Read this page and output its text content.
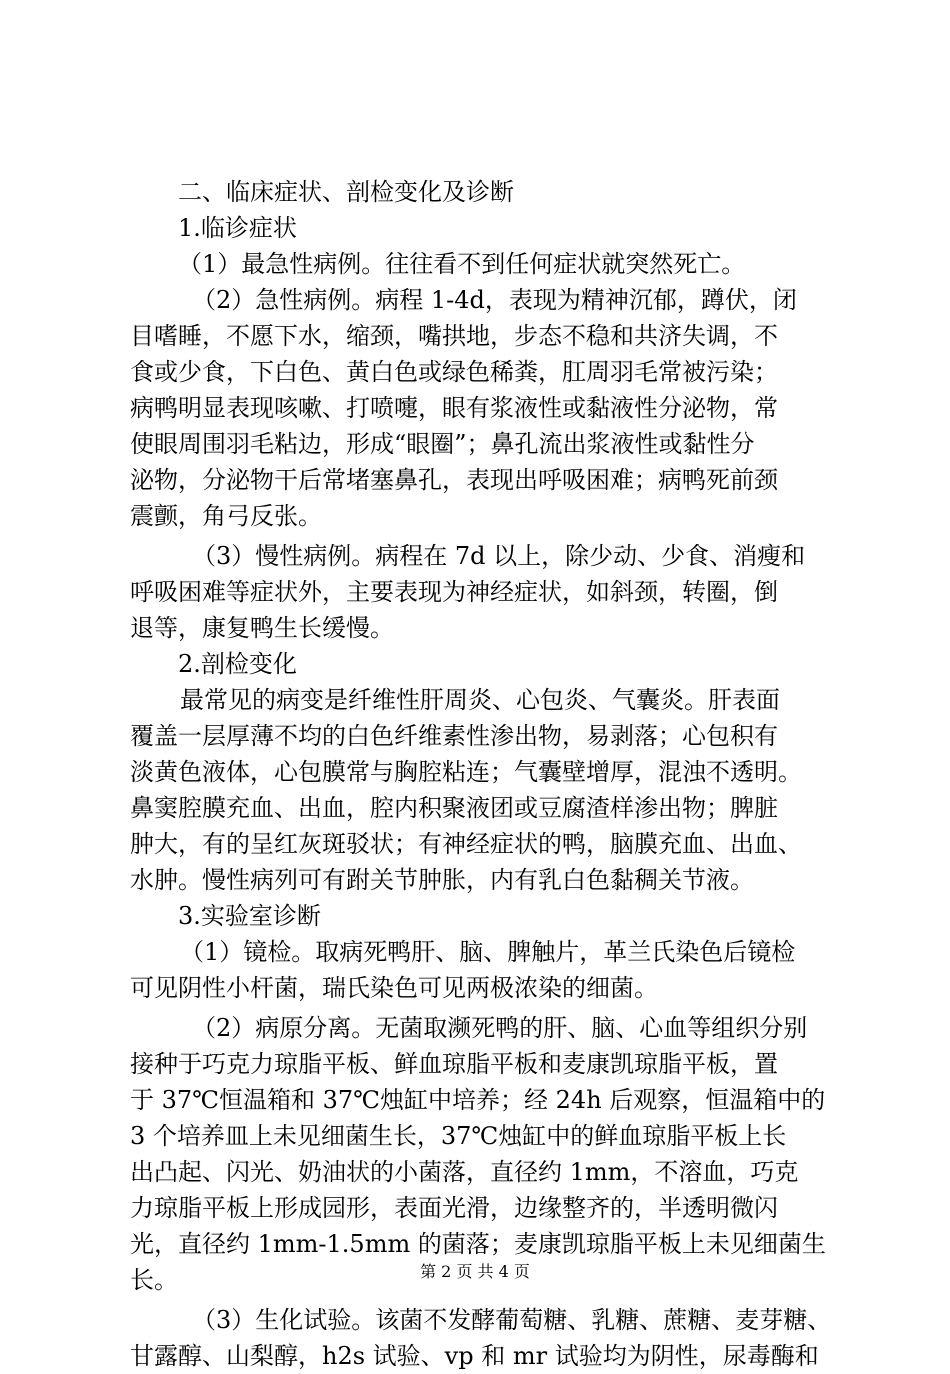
二、临床症状、剖检变化及诊断
1.临诊症状
（1）最急性病例。往往看不到任何症状就突然死亡。
（2）急性病例。病程 1-4d，表现为精神沉郁，蹲伏，闭
目嗜睡，不愿下水，缩颈，嘴拱地，步态不稳和共济失调，不
食或少食，下白色、黄白色或绿色稀粪，肛周羽毛常被污染；
病鸭明显表现咳嗽、打喷嚏，眼有浆液性或黏液性分泌物，常
使眼周围羽毛粘边，形成“眼圈”；鼻孔流出浆液性或黏性分
泌物，分泌物干后常堵塞鼻孔，表现出呼吸困难；病鸭死前颈
震颤，角弓反张。
（3）慢性病例。病程在 7d 以上，除少动、少食、消瘦和
呼吸困难等症状外，主要表现为神经症状，如斜颈，转圈，倒
退等，康复鸭生长缓慢。
2.剖检变化
最常见的病变是纤维性肝周炎、心包炎、气囊炎。肝表面
覆盖一层厚薄不均的白色纤维素性渗出物，易剥落；心包积有
淡黄色液体，心包膜常与胸腔粘连；气囊壁增厚，混浊不透明。
鼻窦腔膜充血、出血，腔内积聚液团或豆腐渣样渗出物；脾脏
肿大，有的呈红灰斑驳状；有神经症状的鸭，脑膜充血、出血、
水肿。慢性病列可有跗关节肿胀，内有乳白色黏稠关节液。
3.实验室诊断
（1）镜检。取病死鸭肝、脑、脾触片，革兰氏染色后镜检
可见阴性小杆菌，瑞氏染色可见两极浓染的细菌。
（2）病原分离。无菌取濒死鸭的肝、脑、心血等组织分别
接种于巧克力琼脂平板、鲜血琼脂平板和麦康凯琼脂平板，置
于 37℃恒温箱和 37℃烛缸中培养；经 24h 后观察，恒温箱中的
3 个培养皿上未见细菌生长，37℃烛缸中的鲜血琼脂平板上长
出凸起、闪光、奶油状的小菌落，直径约 1mm，不溶血，巧克
力琼脂平板上形成园形，表面光滑，边缘整齐的，半透明微闪
光，直径约 1mm-1.5mm 的菌落；麦康凯琼脂平板上未见细菌生
长。
（3）生化试验。该菌不发酵葡萄糖、乳糖、蔗糖、麦芽糖、
甘露醇、山梨醇，h2s 试验、vp 和 mr 试验均为阴性，尿毒酶和
第 2 页 共 4 页
